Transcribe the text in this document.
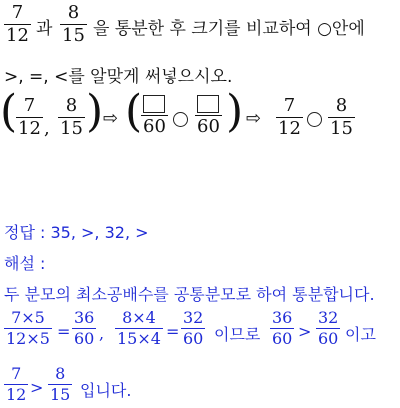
7
12 과
8
15 을 통분한 후 크기를 비교하여 ○안에
>, =, <를 알맞게 써넣으시오.
( 7
12 ,
8
15 ) ⇨ ( 60 60 ) ⇨
7
12
8
15
정답 : 35, >, 32, >
해설 :
두 분모의 최소공배수를 공통분모로 하여 통분합니다.
7×5
12×5 =
36
60 ,
8×4
15×4 =
32
60 이므로
36
60 >
32
60 이고
7
12 >
8
15 입니다.
